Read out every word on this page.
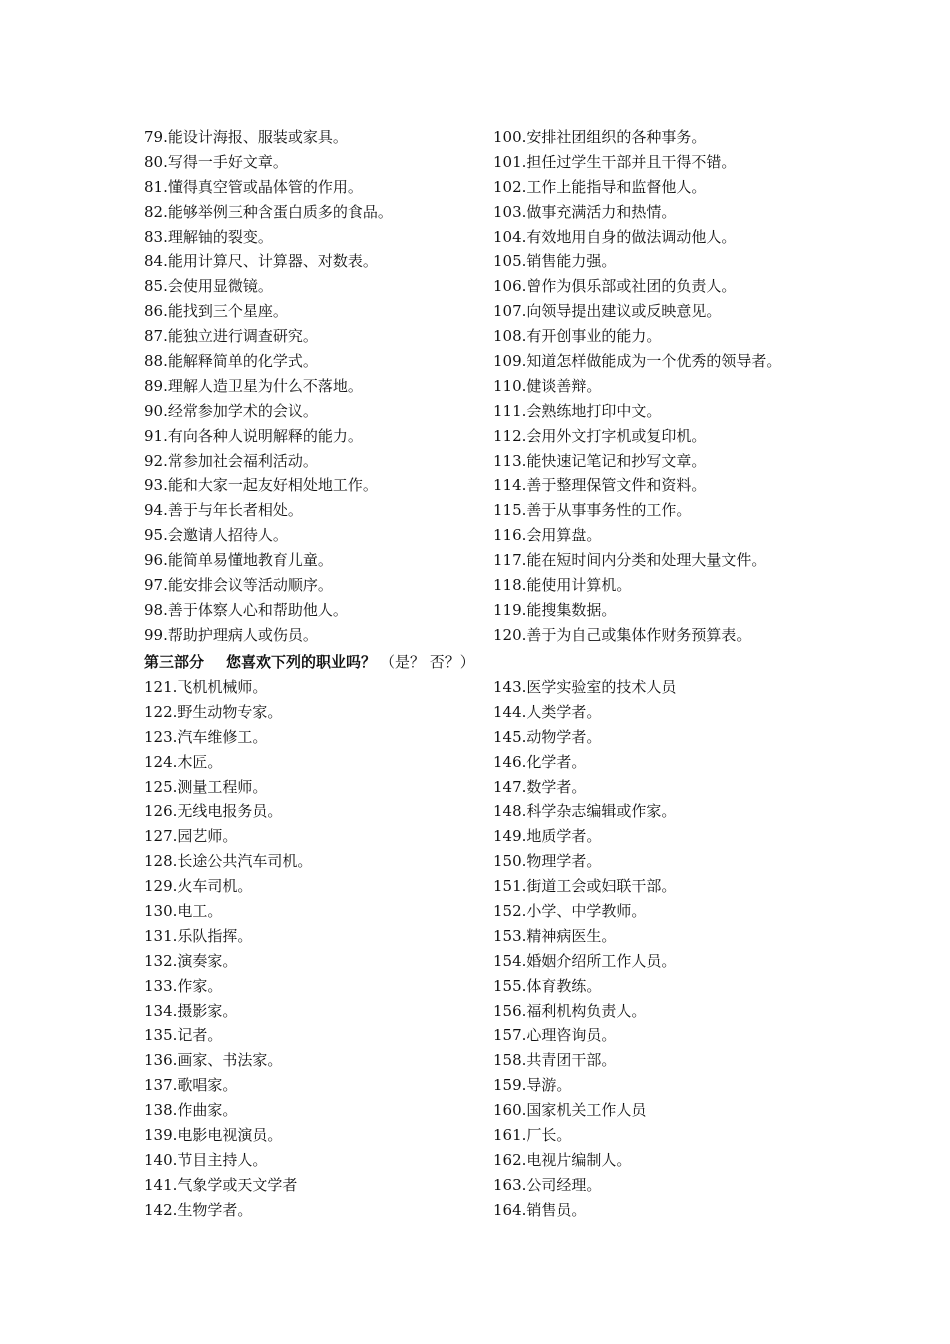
79.能设计海报、服装或家具。
80.写得一手好文章。
81.懂得真空管或晶体管的作用。
82.能够举例三种含蛋白质多的食品。
83.理解铀的裂变。
84.能用计算尺、计算器、对数表。
85.会使用显微镜。
86.能找到三个星座。
87.能独立进行调查研究。
88.能解释简单的化学式。
89.理解人造卫星为什么不落地。
90.经常参加学术的会议。
91.有向各种人说明解释的能力。
92.常参加社会福利活动。
93.能和大家一起友好相处地工作。
94.善于与年长者相处。
95.会邀请人招待人。
96.能简单易懂地教育儿童。
97.能安排会议等活动顺序。
98.善于体察人心和帮助他人。
99.帮助护理病人或伤员。
100.安排社团组织的各种事务。
101.担任过学生干部并且干得不错。
102.工作上能指导和监督他人。
103.做事充满活力和热情。
104.有效地用自身的做法调动他人。
105.销售能力强。
106.曾作为俱乐部或社团的负责人。
107.向领导提出建议或反映意见。
108.有开创事业的能力。
109.知道怎样做能成为一个优秀的领导者。
110.健谈善辩。
111.会熟练地打印中文。
112.会用外文打字机或复印机。
113.能快速记笔记和抄写文章。
114.善于整理保管文件和资料。
115.善于从事事务性的工作。
116.会用算盘。
117.能在短时间内分类和处理大量文件。
118.能使用计算机。
119.能搜集数据。
120.善于为自己或集体作财务预算表。
第三部分 您喜欢下列的职业吗？ （是？ 否？）
121.飞机机械师。
122.野生动物专家。
123.汽车维修工。
124.木匠。
125.测量工程师。
126.无线电报务员。
127.园艺师。
128.长途公共汽车司机。
129.火车司机。
130.电工。
131.乐队指挥。
132.演奏家。
133.作家。
134.摄影家。
135.记者。
136.画家、书法家。
137.歌唱家。
138.作曲家。
139.电影电视演员。
140.节目主持人。
141.气象学或天文学者
142.生物学者。
143.医学实验室的技术人员
144.人类学者。
145.动物学者。
146.化学者。
147.数学者。
148.科学杂志编辑或作家。
149.地质学者。
150.物理学者。
151.街道工会或妇联干部。
152.小学、中学教师。
153.精神病医生。
154.婚姻介绍所工作人员。
155.体育教练。
156.福利机构负责人。
157.心理咨询员。
158.共青团干部。
159.导游。
160.国家机关工作人员
161.厂长。
162.电视片编制人。
163.公司经理。
164.销售员。
